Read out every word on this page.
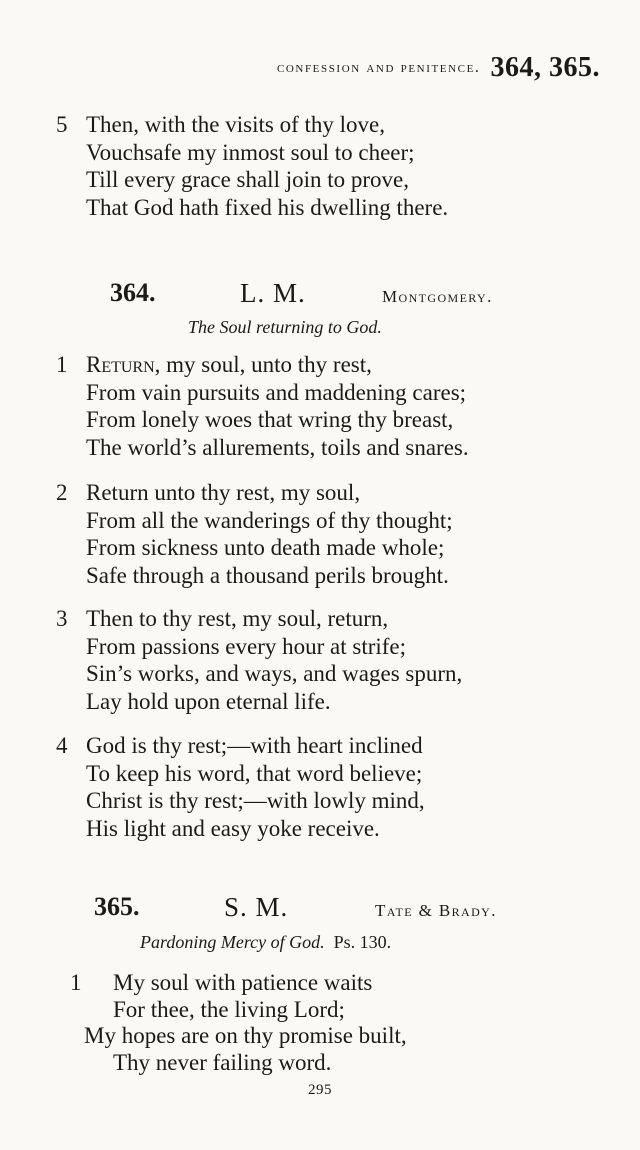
confession and penitence. 364, 365.
5 Then, with the visits of thy love,
Vouchsafe my inmost soul to cheer;
Till every grace shall join to prove,
That God hath fixed his dwelling there.
364.	L. M.	Montgomery.
The Soul returning to God.
1 Return, my soul, unto thy rest,
From vain pursuits and maddening cares;
From lonely woes that wring thy breast,
The world’s allurements, toils and snares.
2 Return unto thy rest, my soul,
From all the wanderings of thy thought;
From sickness unto death made whole;
Safe through a thousand perils brought.
3 Then to thy rest, my soul, return,
From passions every hour at strife;
Sin’s works, and ways, and wages spurn,
Lay hold upon eternal life.
4 God is thy rest;—with heart inclined
To keep his word, that word believe;
Christ is thy rest;—with lowly mind,
His light and easy yoke receive.
365.	S. M.	Tate & Brady.
Pardoning Mercy of God. Ps. 130.
1 My soul with patience waits
For thee, the living Lord;
My hopes are on thy promise built,
Thy never failing word.
295
